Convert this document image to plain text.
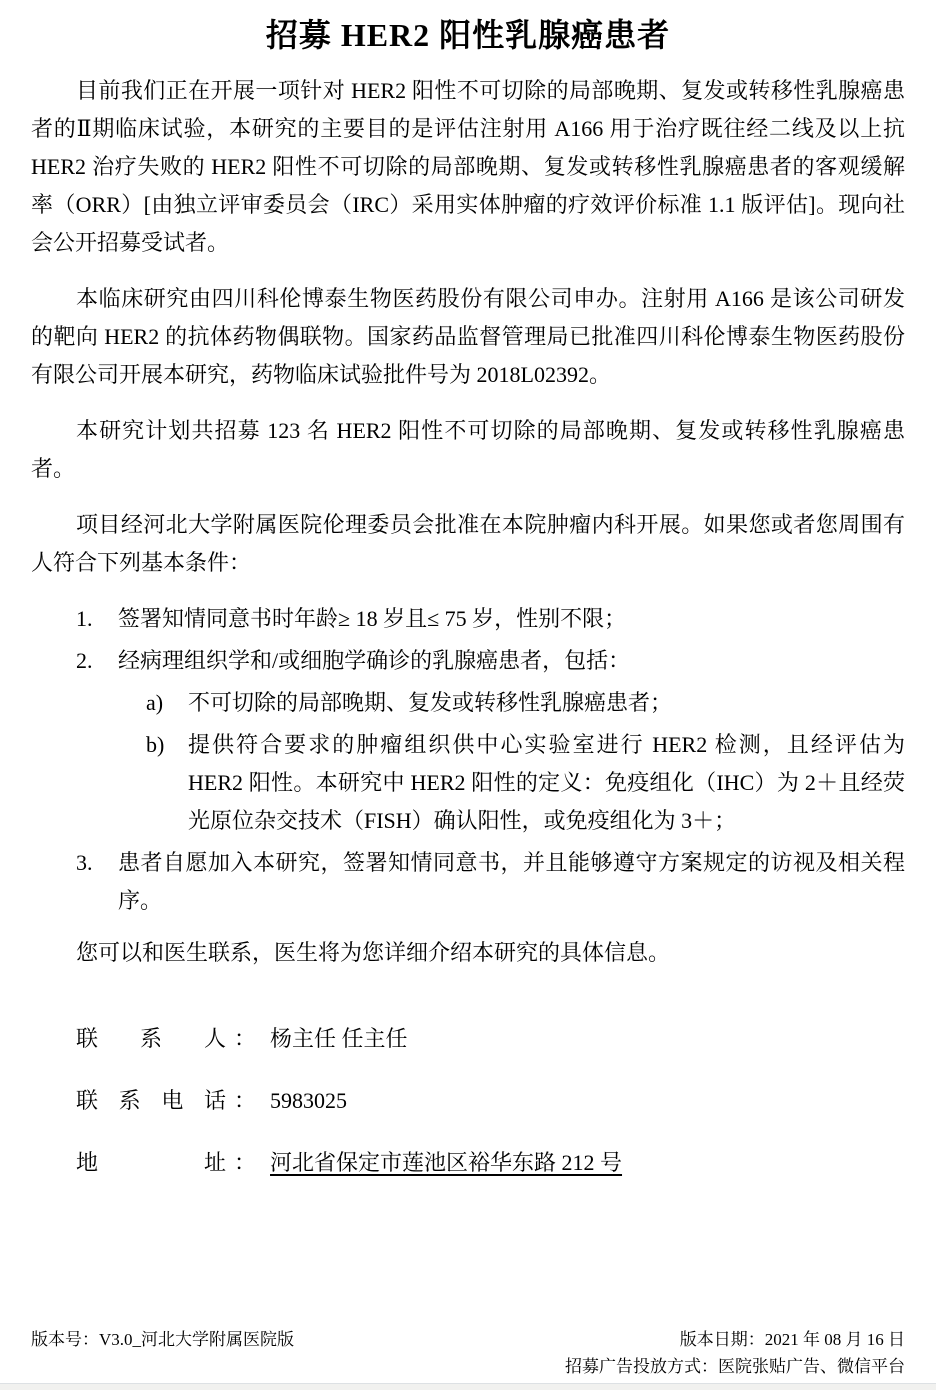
招募 HER2 阳性乳腺癌患者

目前我们正在开展一项针对 HER2 阳性不可切除的局部晚期、复发或转移性乳腺癌患者的Ⅱ期临床试验，本研究的主要目的是评估注射用 A166 用于治疗既往经二线及以上抗 HER2 治疗失败的 HER2 阳性不可切除的局部晚期、复发或转移性乳腺癌患者的客观缓解率（ORR）[由独立评审委员会（IRC）采用实体肿瘤的疗效评价标准 1.1 版评估]。现向社会公开招募受试者。

本临床研究由四川科伦博泰生物医药股份有限公司申办。注射用 A166 是该公司研发的靶向 HER2 的抗体药物偶联物。国家药品监督管理局已批准四川科伦博泰生物医药股份有限公司开展本研究，药物临床试验批件号为 2018L02392。

本研究计划共招募 123 名 HER2 阳性不可切除的局部晚期、复发或转移性乳腺癌患者。

项目经河北大学附属医院伦理委员会批准在本院肿瘤内科开展。如果您或者您周围有人符合下列基本条件：

1.	签署知情同意书时年龄≥ 18 岁且≤ 75 岁，性别不限；
2.	经病理组织学和/或细胞学确诊的乳腺癌患者，包括：
a)	不可切除的局部晚期、复发或转移性乳腺癌患者；
b)	提供符合要求的肿瘤组织供中心实验室进行 HER2 检测，且经评估为 HER2 阳性。本研究中 HER2 阳性的定义：免疫组化（IHC）为 2＋且经荧光原位杂交技术（FISH）确认阳性，或免疫组化为 3＋；
3.	患者自愿加入本研究，签署知情同意书，并且能够遵守方案规定的访视及相关程序。

您可以和医生联系，医生将为您详细介绍本研究的具体信息。

联系人 ： 杨主任 任主任
联系电话 ： 5983025
地址 ： 河北省保定市莲池区裕华东路 212 号
版本号：V3.0_河北大学附属医院版	版本日期：2021 年 08 月 16 日
招募广告投放方式：医院张贴广告、微信平台
